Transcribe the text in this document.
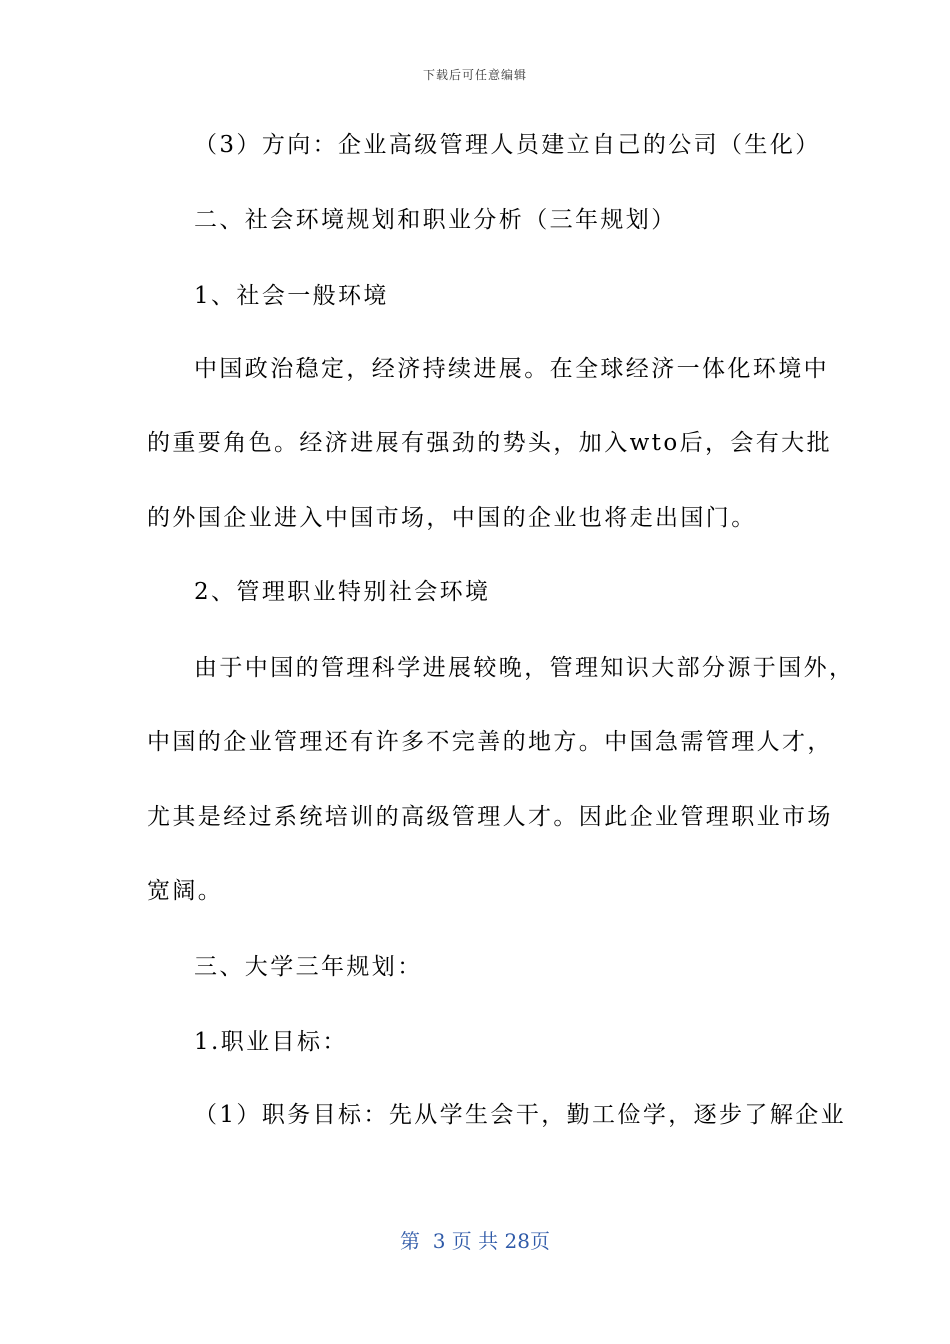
下载后可任意编辑
（3）方向：企业高级管理人员建立自己的公司（生化）
二、社会环境规划和职业分析（三年规划）
1、社会一般环境
中国政治稳定，经济持续进展。在全球经济一体化环境中
的重要角色。经济进展有强劲的势头，加入wto后，会有大批
的外国企业进入中国市场，中国的企业也将走出国门。
2、管理职业特别社会环境
由于中国的管理科学进展较晚，管理知识大部分源于国外，
中国的企业管理还有许多不完善的地方。中国急需管理人才，
尤其是经过系统培训的高级管理人才。因此企业管理职业市场
宽阔。
三、大学三年规划：
1.职业目标：
（1）职务目标：先从学生会干，勤工俭学，逐步了解企业
第  3 页 共 28页
